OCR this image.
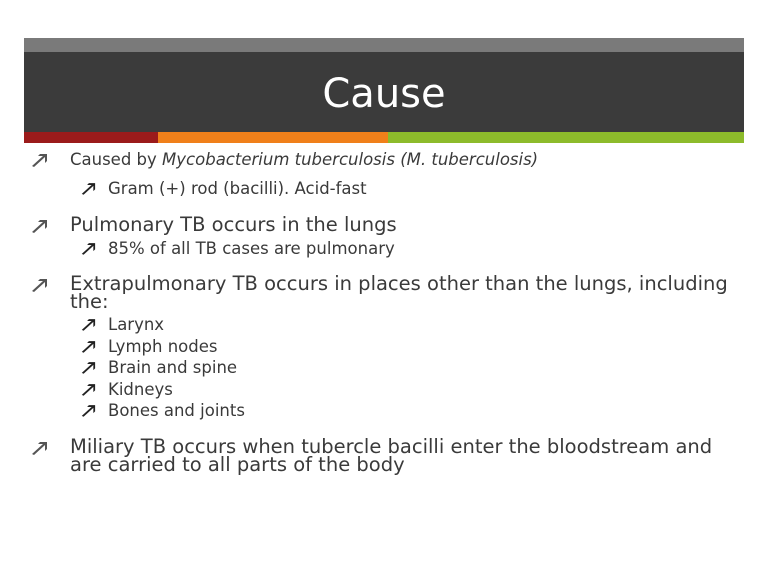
Cause
Caused by Mycobacterium tuberculosis (M. tuberculosis)
Gram (+) rod (bacilli). Acid-fast
Pulmonary TB occurs in the lungs
85% of all TB cases are pulmonary
Extrapulmonary TB occurs in places other than the lungs, including the:
Larynx
Lymph nodes
Brain and spine
Kidneys
Bones and joints
Miliary TB occurs when tubercle bacilli enter the bloodstream and are carried to all parts of the body
